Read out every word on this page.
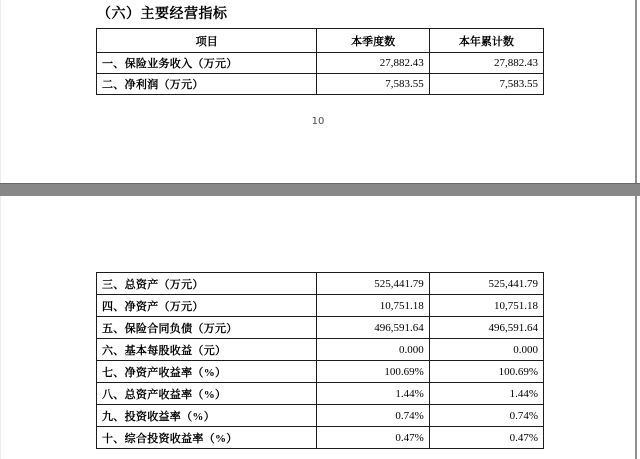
（六）主要经营指标
项目	本季度数	本年累计数
一、保险业务收入（万元）	27,882.43	27,882.43
二、净利润（万元）	7,583.55	7,583.55
10
三、总资产（万元）	525,441.79	525,441.79
四、净资产（万元）	10,751.18	10,751.18
五、保险合同负债（万元）	496,591.64	496,591.64
六、基本每股收益（元）	0.000	0.000
七、净资产收益率（%）	100.69%	100.69%
八、总资产收益率（%）	1.44%	1.44%
九、投资收益率（%）	0.74%	0.74%
十、综合投资收益率（%）	0.47%	0.47%
